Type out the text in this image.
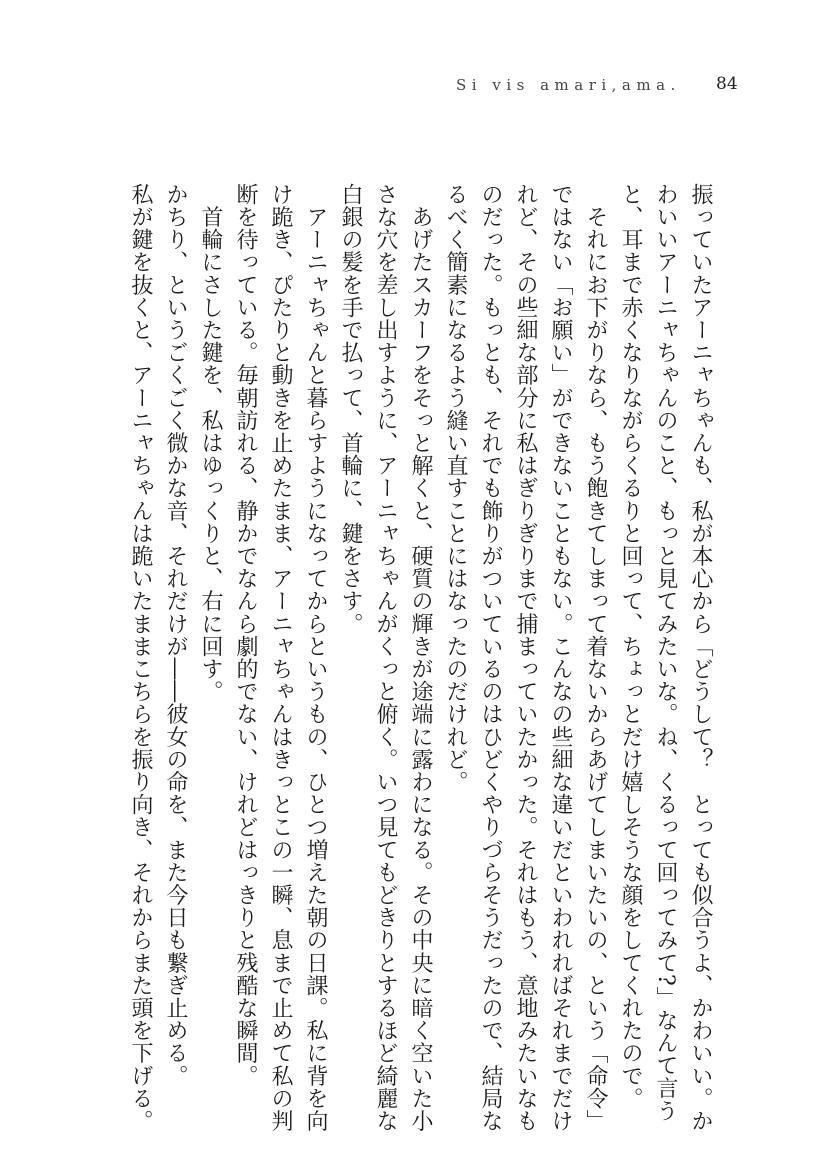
Si vis amari,ama. 84
振っていたアーニャちゃんも、私が本心から「どうして？　とっても似合うよ、かわいい。か
わいいアーニャちゃんのこと、もっと見てみたいな。ね、くるって回ってみて?」なんて言う
と、耳まで赤くなりながらくるりと回って、ちょっとだけ嬉しそうな顔をしてくれたので。
　それにお下がりなら、もう飽きてしまって着ないからあげてしまいたいの、という「命令」
ではない「お願い」ができないこともない。こんなの些細な違いだといわれればそれまでだけ
れど、その些細な部分に私はぎりぎりまで捕まっていたかった。それはもう、意地みたいなも
のだった。もっとも、それでも飾りがついているのはひどくやりづらそうだったので、結局な
るべく簡素になるよう縫い直すことにはなったのだけれど。
　あげたスカーフをそっと解くと、硬質の輝きが途端に露わになる。その中央に暗く空いた小
さな穴を差し出すように、アーニャちゃんがくっと俯く。いつ見てもどきりとするほど綺麗な
白銀の髪を手で払って、首輪に、鍵をさす。
　アーニャちゃんと暮らすようになってからというもの、ひとつ増えた朝の日課。私に背を向
け跪き、ぴたりと動きを止めたまま、アーニャちゃんはきっとこの一瞬、息まで止めて私の判
断を待っている。毎朝訪れる、静かでなんら劇的でない、けれどはっきりと残酷な瞬間。
　首輪にさした鍵を、私はゆっくりと、右に回す。
かちり、というごくごく微かな音、それだけが――彼女の命を、また今日も繋ぎ止める。
私が鍵を抜くと、アーニャちゃんは跪いたままこちらを振り向き、それからまた頭を下げる。
